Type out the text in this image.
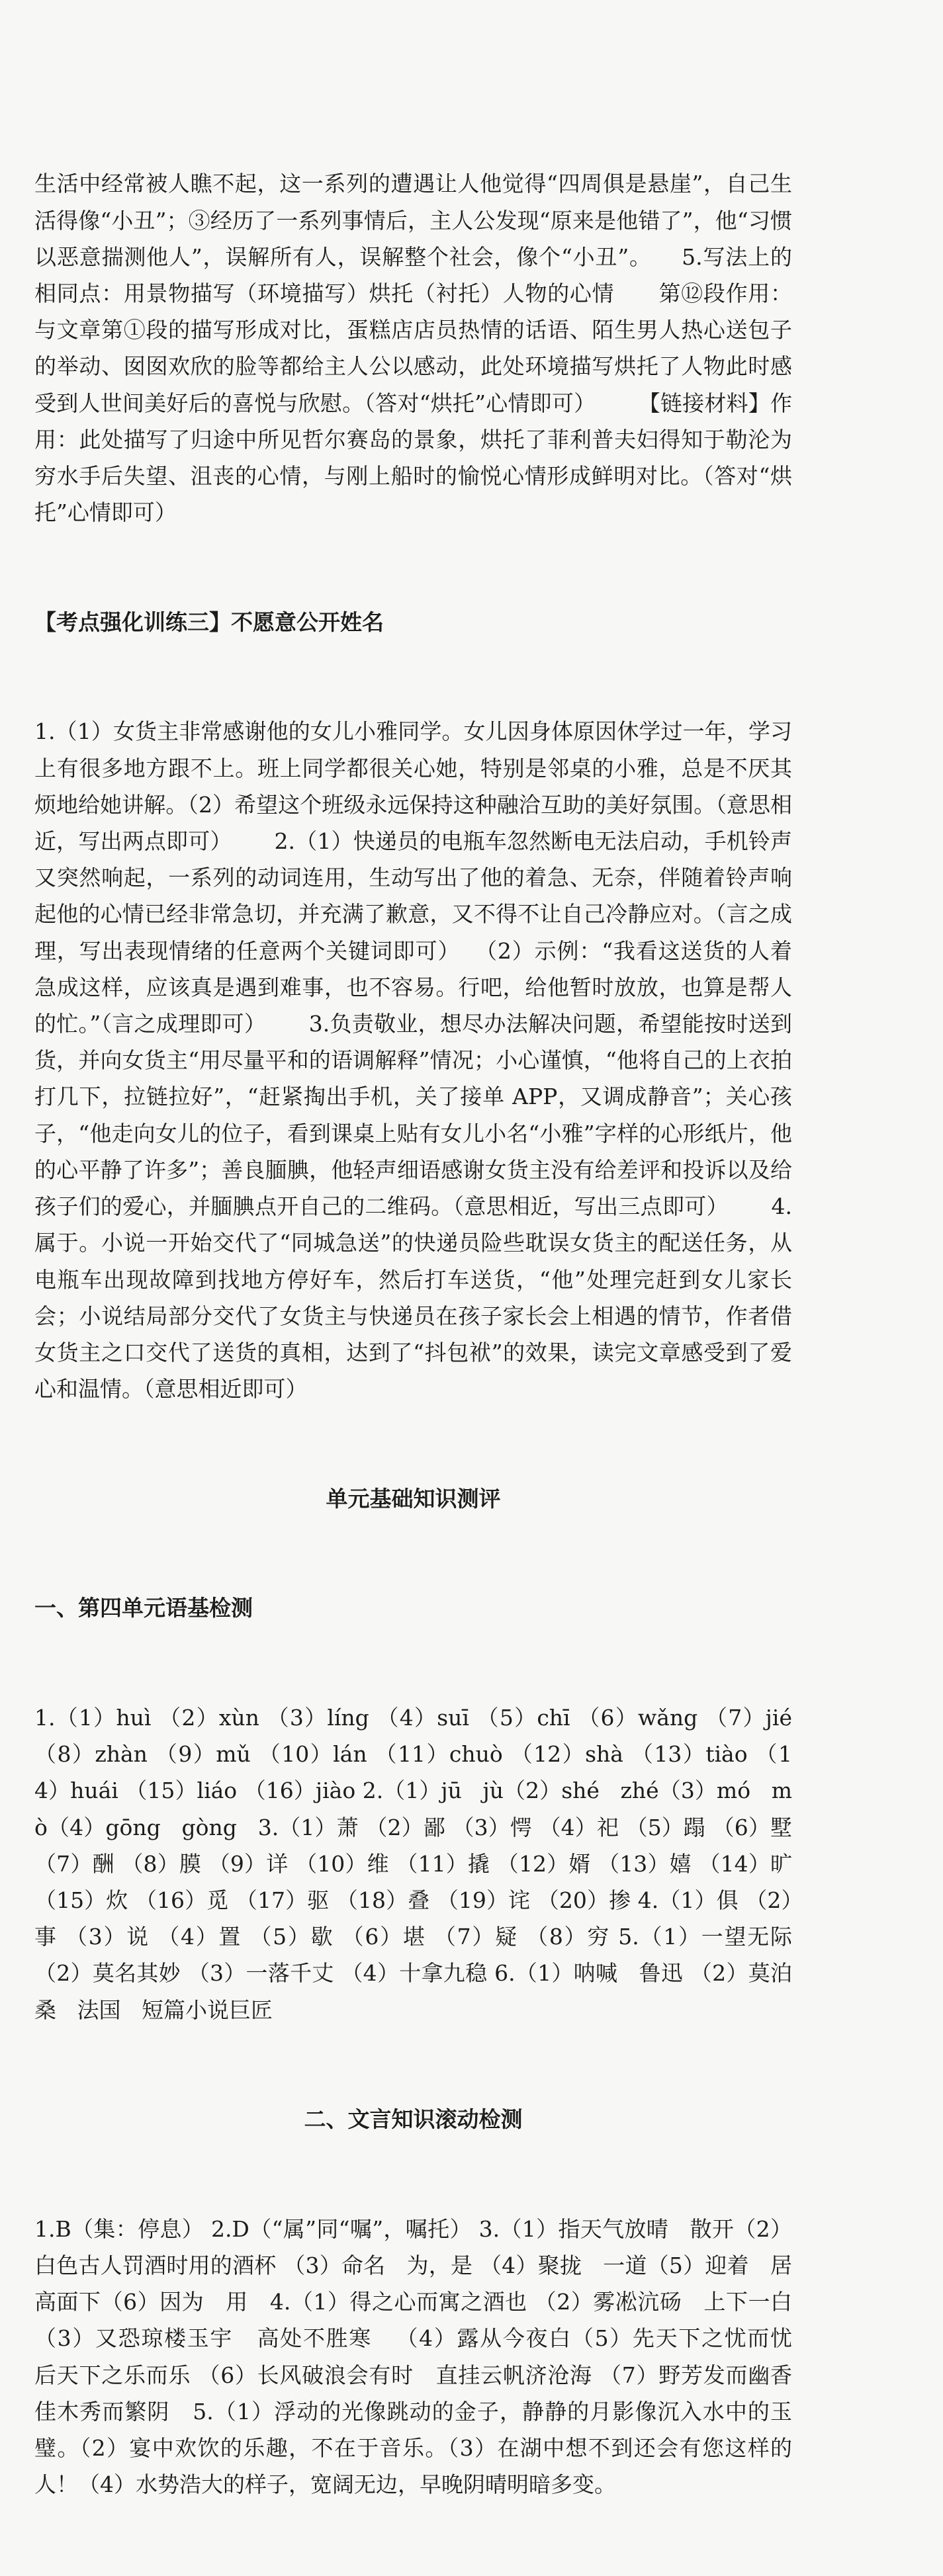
生活中经常被人瞧不起，这一系列的遭遇让人他觉得“四周俱是悬崖”，自己生活得像“小丑”；③经历了一系列事情后，主人公发现“原来是他错了”，他“习惯以恶意揣测他人”，误解所有人，误解整个社会，像个“小丑”。    5.写法上的相同点：用景物描写（环境描写）烘托（衬托）人物的心情      第⑫段作用：与文章第①段的描写形成对比，蛋糕店店员热情的话语、陌生男人热心送包子的举动、囡囡欢欣的脸等都给主人公以感动，此处环境描写烘托了人物此时感受到人世间美好后的喜悦与欣慰。（答对“烘托”心情即可）      【链接材料】作用：此处描写了归途中所见哲尔赛岛的景象，烘托了菲利普夫妇得知于勒沦为穷水手后失望、沮丧的心情，与刚上船时的愉悦心情形成鲜明对比。（答对“烘托”心情即可）

【考点强化训练三】不愿意公开姓名

1.（1）女货主非常感谢他的女儿小雅同学。女儿因身体原因休学过一年，学习上有很多地方跟不上。班上同学都很关心她，特别是邻桌的小雅，总是不厌其烦地给她讲解。（2）希望这个班级永远保持这种融洽互助的美好氛围。（意思相近，写出两点即可）      2.（1）快递员的电瓶车忽然断电无法启动，手机铃声又突然响起，一系列的动词连用，生动写出了他的着急、无奈，伴随着铃声响起他的心情已经非常急切，并充满了歉意，又不得不让自己冷静应对。（言之成理，写出表现情绪的任意两个关键词即可）  （2）示例：“我看这送货的人着急成这样，应该真是遇到难事，也不容易。行吧，给他暂时放放，也算是帮人的忙。”（言之成理即可）      3.负责敬业，想尽办法解决问题，希望能按时送到货，并向女货主“用尽量平和的语调解释”情况；小心谨慎，“他将自己的上衣拍打几下，拉链拉好”，“赶紧掏出手机，关了接单 APP，又调成静音”；关心孩子，“他走向女儿的位子，看到课桌上贴有女儿小名“小雅”字样的心形纸片，他的心平静了许多”；善良腼腆，他轻声细语感谢女货主没有给差评和投诉以及给孩子们的爱心，并腼腆点开自己的二维码。（意思相近，写出三点即可）      4.属于。小说一开始交代了“同城急送”的快递员险些耽误女货主的配送任务，从电瓶车出现故障到找地方停好车，然后打车送货，“他”处理完赶到女儿家长会；小说结局部分交代了女货主与快递员在孩子家长会上相遇的情节，作者借女货主之口交代了送货的真相，达到了“抖包袱”的效果，读完文章感受到了爱心和温情。（意思相近即可）

单元基础知识测评

一、第四单元语基检测

1.（1）huì （2）xùn （3）líng （4）suī （5）chī （6）wǎng （7）jié （8）zhàn （9）mǔ （10）lán （11）chuò （12）shà （13）tiào （14）huái （15）liáo （16）jiào 2.（1）jū   jù（2）shé   zhé（3）mó   mò（4）gōng   gòng   3.（1）萧 （2）鄙 （3）愕 （4）祀 （5）蹋 （6）墅 （7）酬 （8）膜 （9）详 （10）维 （11）撬 （12）婿 （13）嬉 （14）旷 （15）炊 （16）觅 （17）驱 （18）叠 （19）诧 （20）掺 4.（1）俱 （2）事 （3）说 （4）置 （5）歇 （6）堪 （7）疑 （8）穷 5.（1）一望无际 （2）莫名其妙 （3）一落千丈 （4）十拿九稳 6.（1）呐喊   鲁迅 （2）莫泊桑   法国   短篇小说巨匠

二、文言知识滚动检测

1.B（集：停息） 2.D（“属”同“嘱”，嘱托） 3.（1）指天气放晴   散开（2）白色古人罚酒时用的酒杯 （3）命名   为，是 （4）聚拢   一道（5）迎着   居高面下（6）因为   用   4.（1）得之心而寓之酒也 （2）雾凇沆砀   上下一白 （3）又恐琼楼玉宇   高处不胜寒   （4）露从今夜白（5）先天下之忧而忧   后天下之乐而乐 （6）长风破浪会有时   直挂云帆济沧海 （7）野芳发而幽香佳木秀而繁阴   5.（1）浮动的光像跳动的金子，静静的月影像沉入水中的玉璧。（2）宴中欢饮的乐趣，不在于音乐。（3）在湖中想不到还会有您这样的人！（4）水势浩大的样子，宽阔无边，早晚阴晴明暗多变。
